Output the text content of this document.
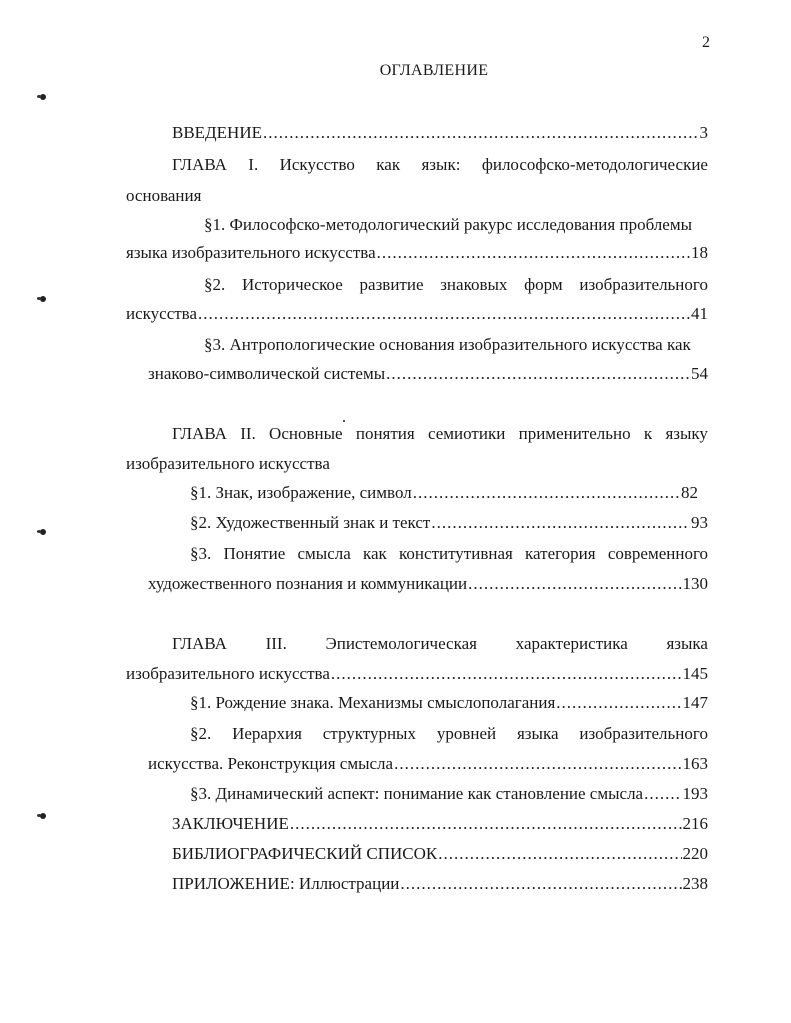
2
ОГЛАВЛЕНИЕ
ВВЕДЕНИЕ .....	3
ГЛАВА I. Искусство как язык: философско-методологические
основания
§1. Философско-методологический ракурс исследования проблемы
языка изобразительного искусства .....	18
§2. Историческое развитие знаковых форм изобразительного
искусства .....	41
§3. Антропологические основания изобразительного искусства как
знаково-символической системы .....	54
ГЛАВА II. Основные понятия семиотики применительно к языку
изобразительного искусства
§1. Знак, изображение, символ .....	82
§2. Художественный знак и текст .....	93
§3. Понятие смысла как конститутивная категория современного
художественного познания и коммуникации .....	130
ГЛАВА III. Эпистемологическая характеристика языка
изобразительного искусства .....	145
§1. Рождение знака. Механизмы смыслополагания .....	147
§2. Иерархия структурных уровней языка изобразительного
искусства. Реконструкция смысла .....	163
§3. Динамический аспект: понимание как становление смысла ..... 193
ЗАКЛЮЧЕНИЕ .....	216
БИБЛИОГРАФИЧЕСКИЙ СПИСОК .....	220
ПРИЛОЖЕНИЕ: Иллюстрации .....	238
